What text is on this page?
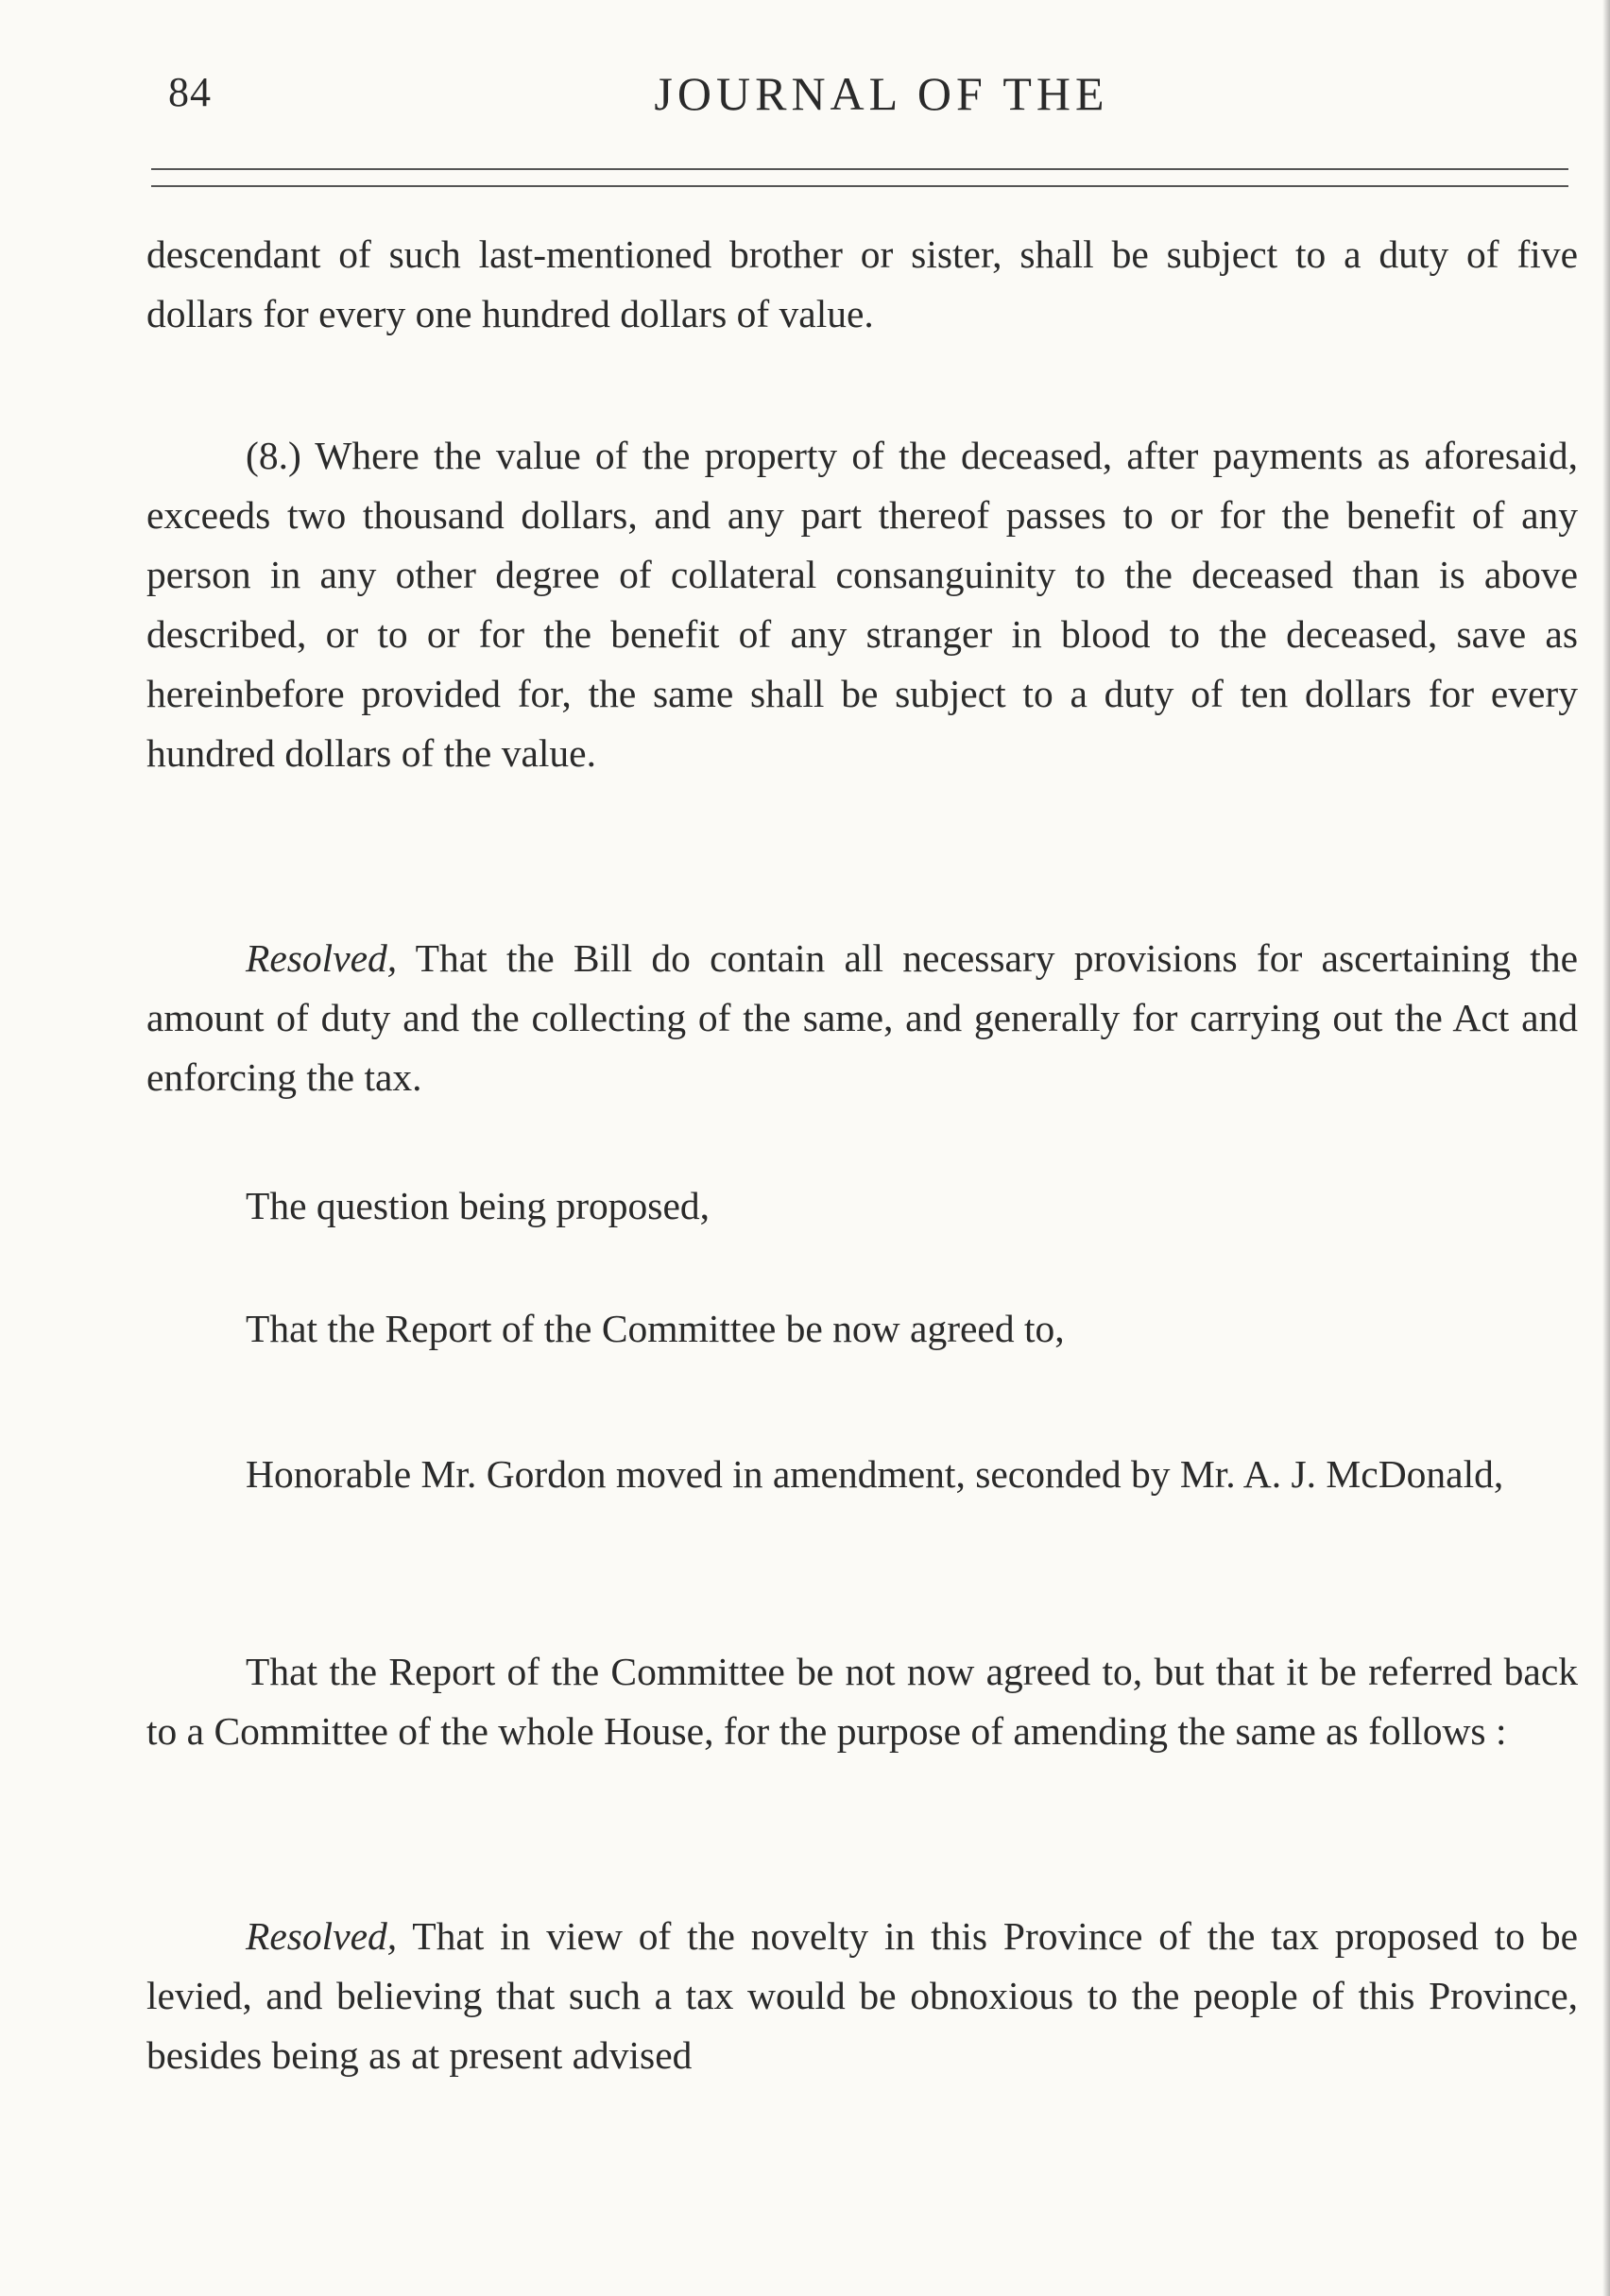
84	JOURNAL OF THE

descendant of such last-mentioned brother or sister, shall be subject to a duty of five dollars for every one hundred dollars of value.

(8.) Where the value of the property of the deceased, after payments as aforesaid, exceeds two thousand dollars, and any part thereof passes to or for the benefit of any person in any other degree of collateral consanguinity to the deceased than is above described, or to or for the benefit of any stranger in blood to the deceased, save as hereinbefore provided for, the same shall be subject to a duty of ten dollars for every hundred dollars of the value.

Resolved, That the Bill do contain all necessary provisions for ascertaining the amount of duty and the collecting of the same, and generally for carrying out the Act and enforcing the tax.

The question being proposed,

That the Report of the Committee be now agreed to,

Honorable Mr. Gordon moved in amendment, seconded by Mr. A. J. McDonald,

That the Report of the Committee be not now agreed to, but that it be referred back to a Committee of the whole House, for the purpose of amending the same as follows :

Resolved, That in view of the novelty in this Province of the tax proposed to be levied, and believing that such a tax would be obnoxious to the people of this Province, besides being as at present advised
